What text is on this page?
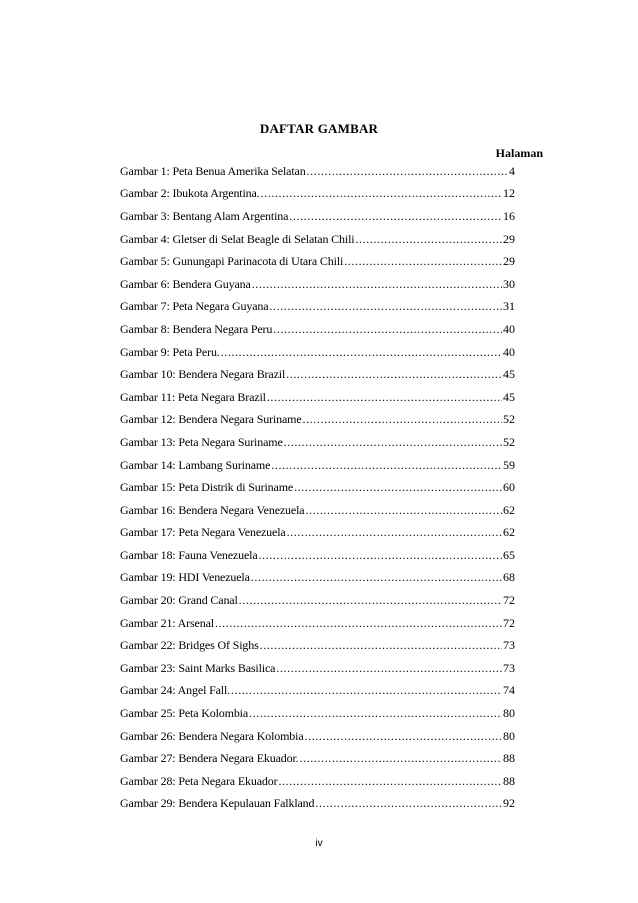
DAFTAR GAMBAR
Halaman
Gambar 1: Peta Benua Amerika Selatan .....	4
Gambar 2: Ibukota Argentina. .....	12
Gambar 3: Bentang Alam Argentina .....	16
Gambar 4: Gletser di Selat Beagle di Selatan Chili .....	29
Gambar 5: Gunungapi Parinacota di Utara Chili .....	29
Gambar 6: Bendera Guyana .....	30
Gambar 7: Peta Negara Guyana .....	31
Gambar 8: Bendera Negara Peru .....	40
Gambar 9: Peta Peru. .....	40
Gambar 10: Bendera Negara Brazil .....	45
Gambar 11: Peta Negara Brazil .....	45
Gambar 12: Bendera Negara Suriname .....	52
Gambar 13: Peta Negara Suriname .....	52
Gambar 14: Lambang Suriname .....	59
Gambar 15: Peta Distrik di Suriname .....	60
Gambar 16: Bendera Negara Venezuela .....	62
Gambar 17: Peta Negara Venezuela .....	62
Gambar 18: Fauna Venezuela .....	65
Gambar 19: HDI Venezuela .....	68
Gambar 20: Grand Canal .....	72
Gambar 21: Arsenal .....	72
Gambar 22: Bridges Of Sighs .....	73
Gambar 23: Saint Marks Basilica .....	73
Gambar 24: Angel Fall. .....	74
Gambar 25: Peta Kolombia .....	80
Gambar 26: Bendera Negara Kolombia .....	80
Gambar 27: Bendera Negara Ekuador. .....	88
Gambar 28: Peta Negara Ekuador .....	88
Gambar 29: Bendera Kepulauan Falkland .....	92
iv
